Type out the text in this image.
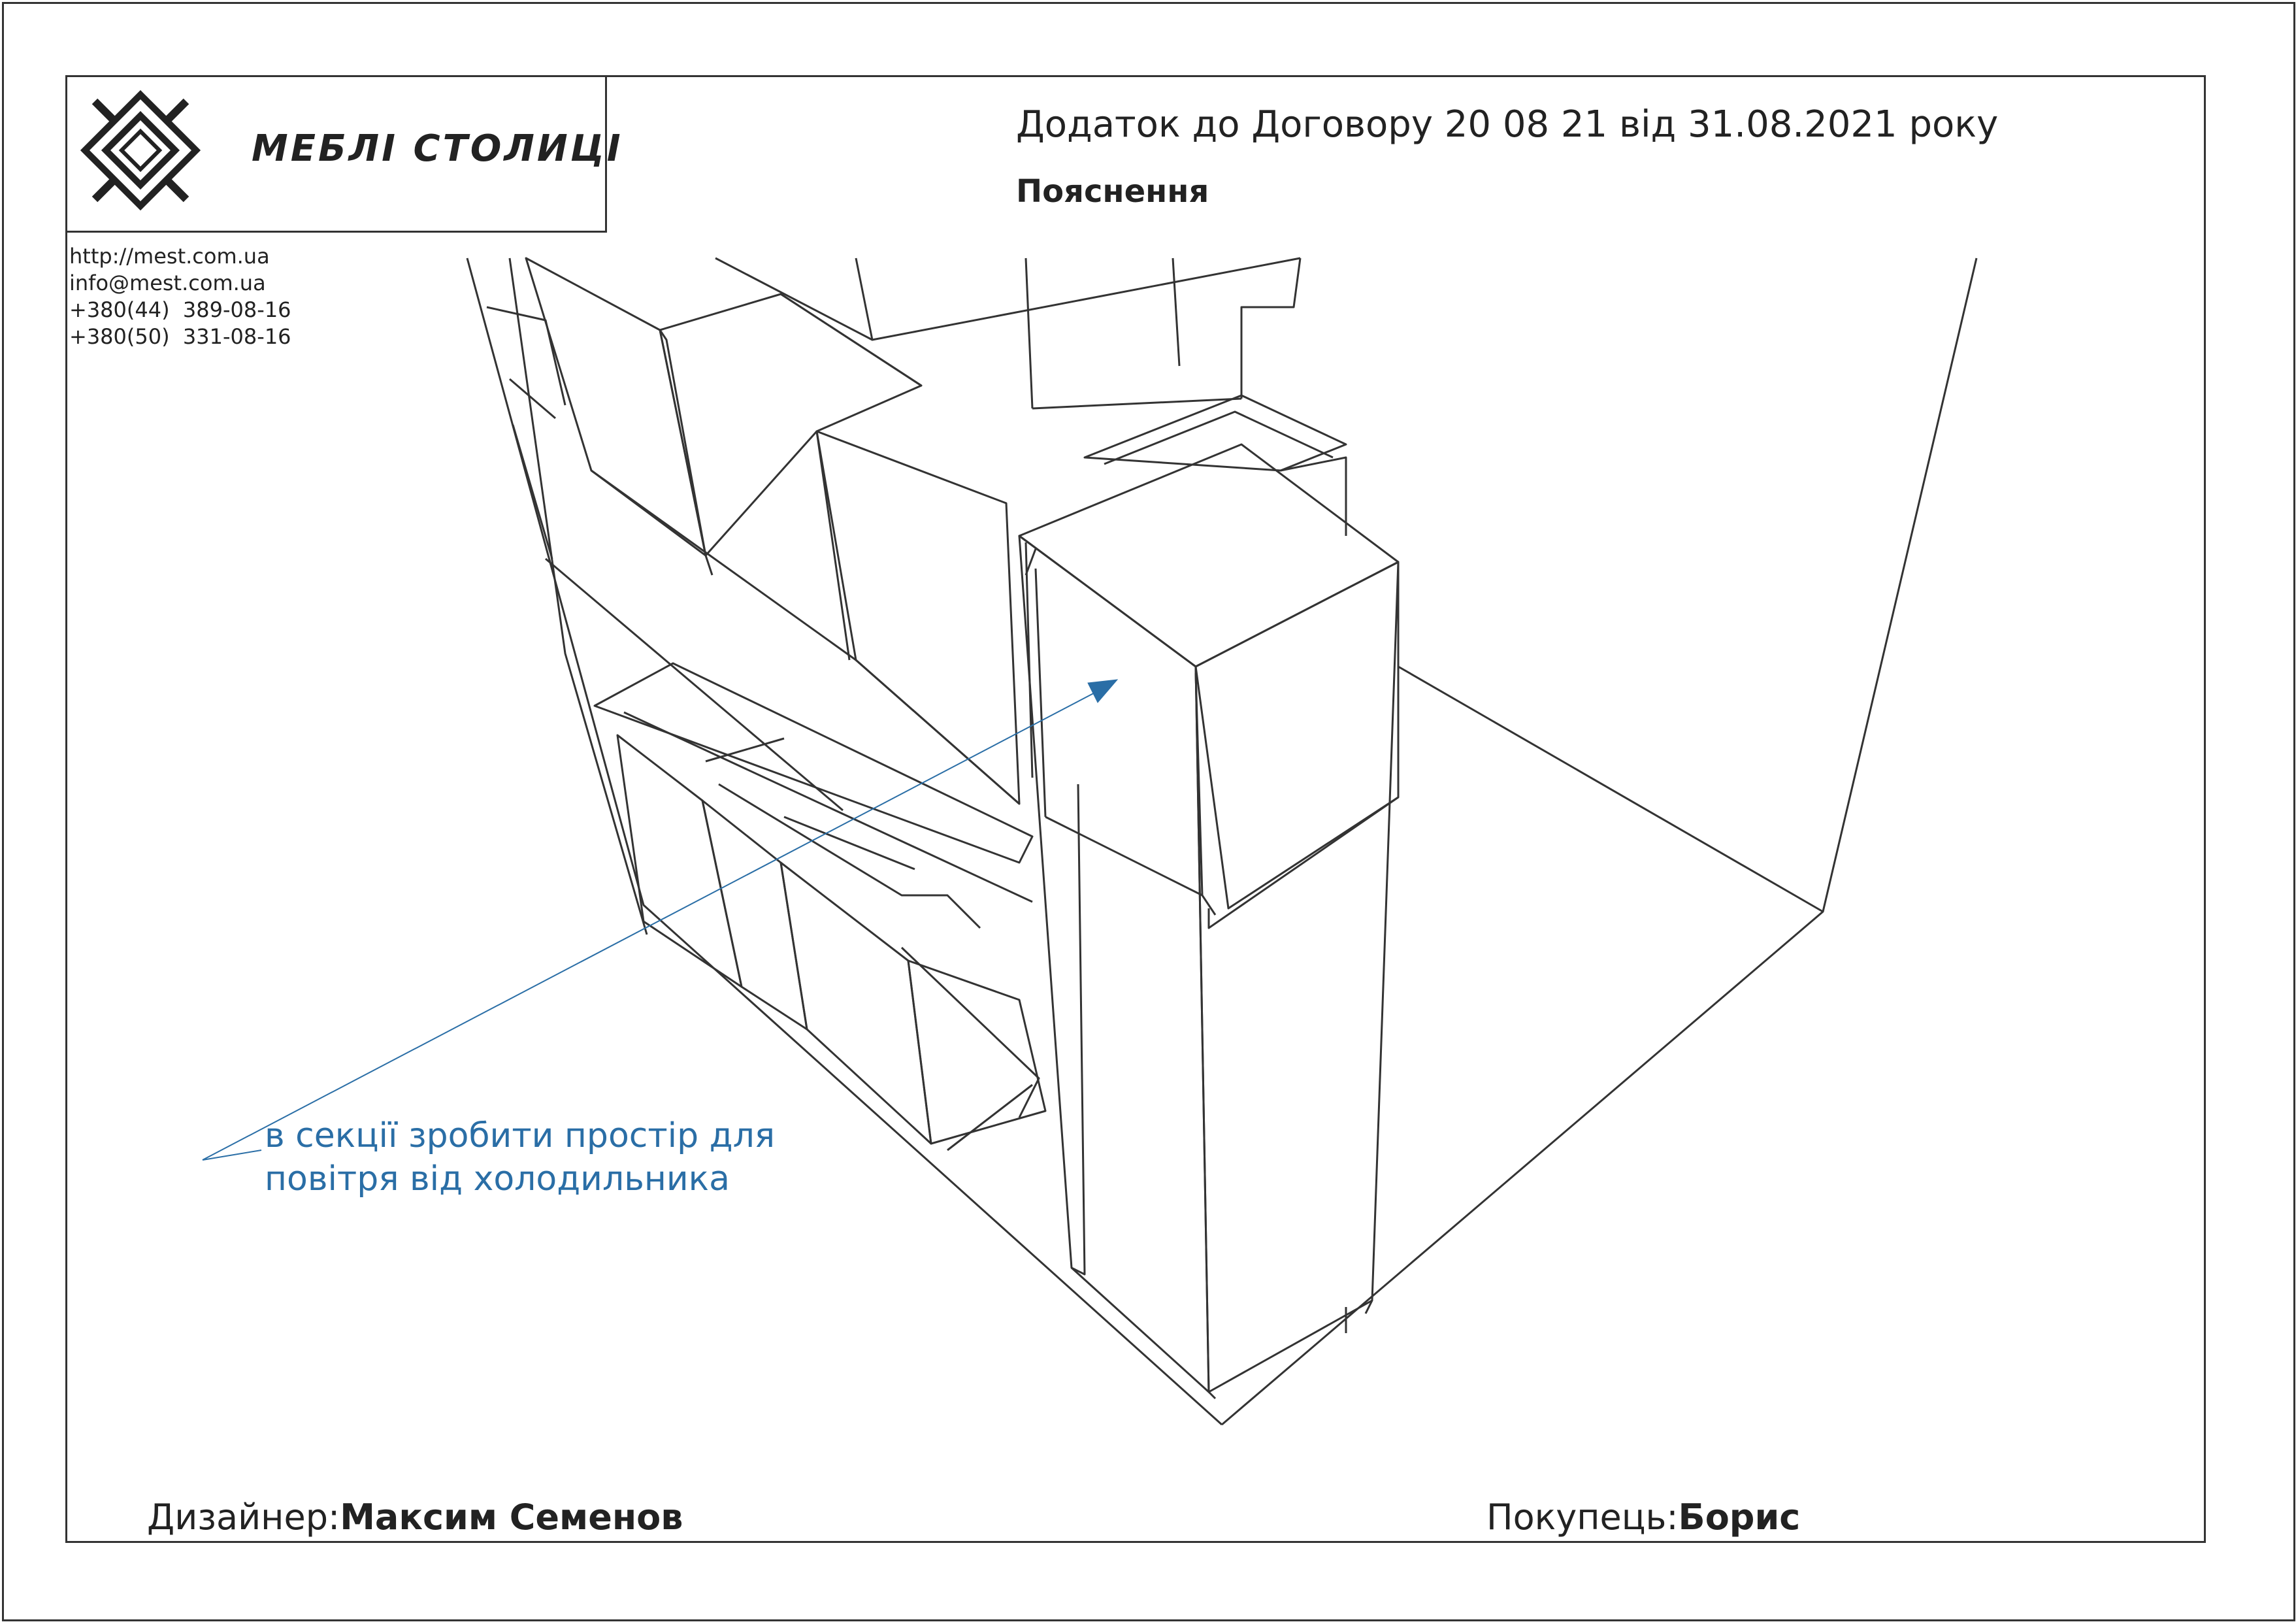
МЕБЛІ СТОЛИЦІ
http://mest.com.ua
info@mest.com.ua
+380(44)  389-08-16
+380(50)  331-08-16
Додаток до Договору 20 08 21 від 31.08.2021 року
Пояснення
в секції зробити простір для
повітря від холодильника
Дизайнер:Максим Семенов	Покупець:Борис
